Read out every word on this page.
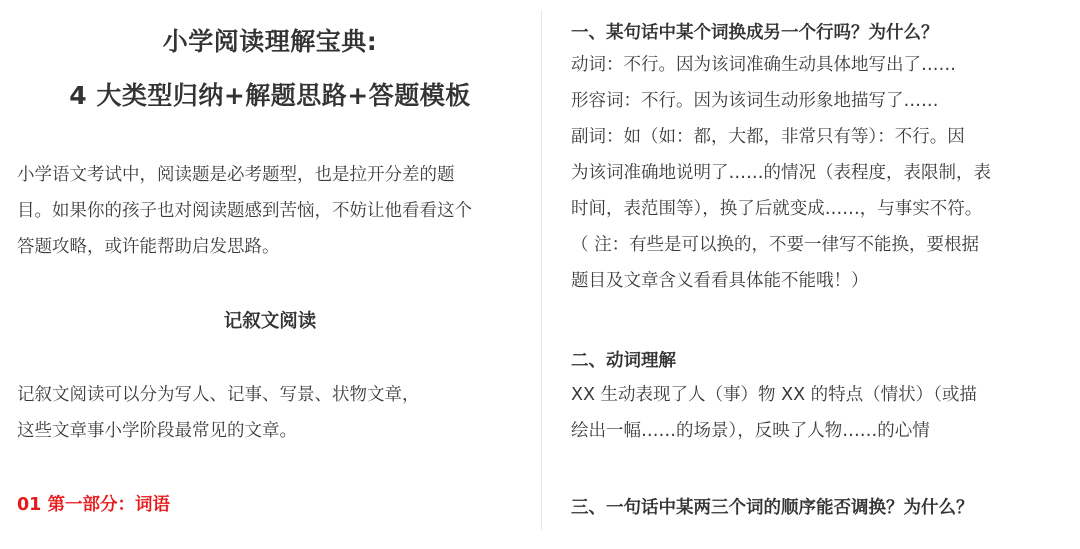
小学阅读理解宝典:
4 大类型归纳+解题思路+答题模板
小学语文考试中，阅读题是必考题型，也是拉开分差的题
目。如果你的孩子也对阅读题感到苦恼，不妨让他看看这个
答题攻略，或许能帮助启发思路。
记叙文阅读
记叙文阅读可以分为写人、记事、写景、状物文章，
这些文章事小学阶段最常见的文章。
01 第一部分：词语
一、某句话中某个词换成另一个行吗？为什么？
动词：不行。因为该词准确生动具体地写出了……
形容词：不行。因为该词生动形象地描写了……
副词：如（如：都，大都，非常只有等）：不行。因
为该词准确地说明了……的情况（表程度，表限制，表
时间，表范围等），换了后就变成……，与事实不符。
（ 注：有些是可以换的，不要一律写不能换，要根据
题目及文章含义看看具体能不能哦！）
二、动词理解
XX 生动表现了人（事）物 XX 的特点（情状）（或描
绘出一幅……的场景），反映了人物……的心情
三、一句话中某两三个词的顺序能否调换？为什么？
